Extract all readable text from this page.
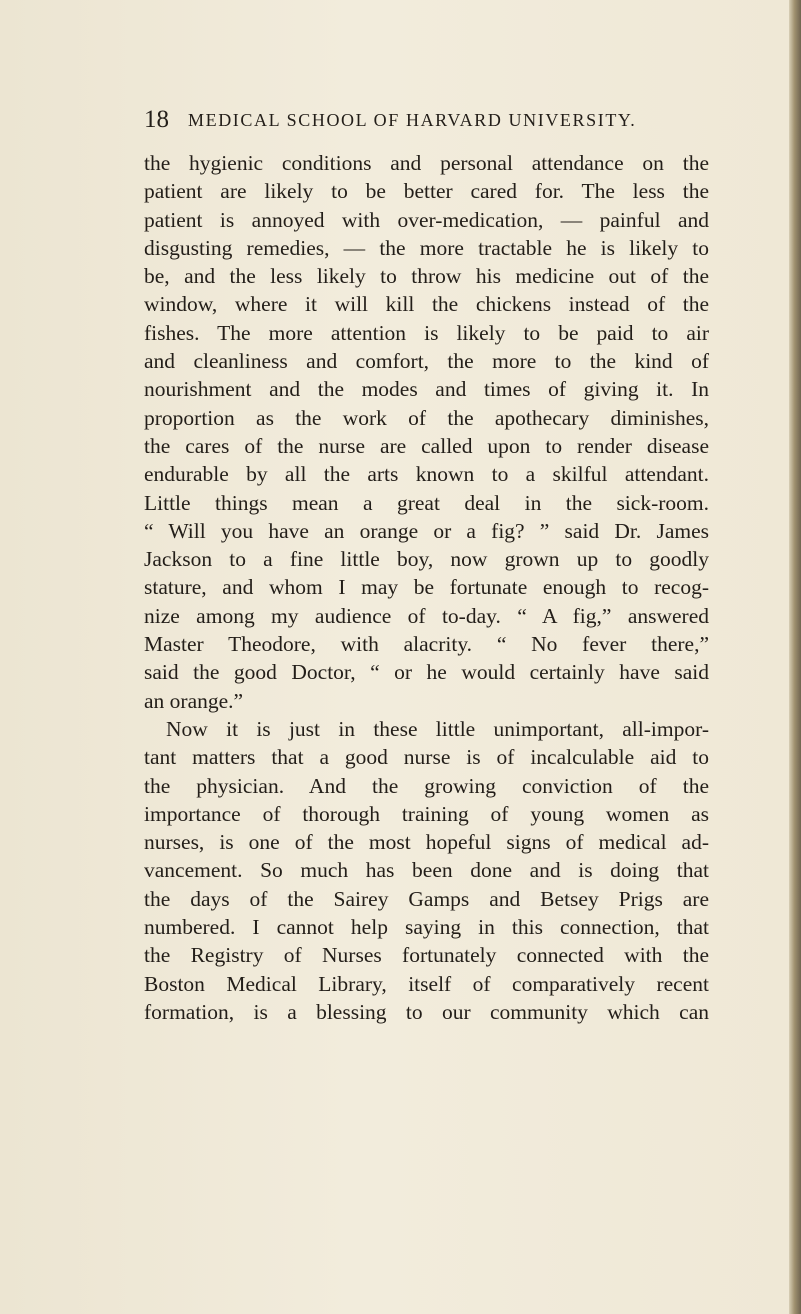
18 MEDICAL SCHOOL OF HARVARD UNIVERSITY.
the hygienic conditions and personal attendance on the
patient are likely to be better cared for. The less the
patient is annoyed with over-medication, — painful and
disgusting remedies, — the more tractable he is likely to
be, and the less likely to throw his medicine out of the
window, where it will kill the chickens instead of the
fishes. The more attention is likely to be paid to air
and cleanliness and comfort, the more to the kind of
nourishment and the modes and times of giving it. In
proportion as the work of the apothecary diminishes,
the cares of the nurse are called upon to render disease
endurable by all the arts known to a skilful attendant.
Little things mean a great deal in the sick-room.
“ Will you have an orange or a fig? ” said Dr. James
Jackson to a fine little boy, now grown up to goodly
stature, and whom I may be fortunate enough to recog-
nize among my audience of to-day. “ A fig,” answered
Master Theodore, with alacrity. “ No fever there,”
said the good Doctor, “ or he would certainly have said
an orange.”
Now it is just in these little unimportant, all-impor-
tant matters that a good nurse is of incalculable aid to
the physician. And the growing conviction of the
importance of thorough training of young women as
nurses, is one of the most hopeful signs of medical ad-
vancement. So much has been done and is doing that
the days of the Sairey Gamps and Betsey Prigs are
numbered. I cannot help saying in this connection, that
the Registry of Nurses fortunately connected with the
Boston Medical Library, itself of comparatively recent
formation, is a blessing to our community which can
